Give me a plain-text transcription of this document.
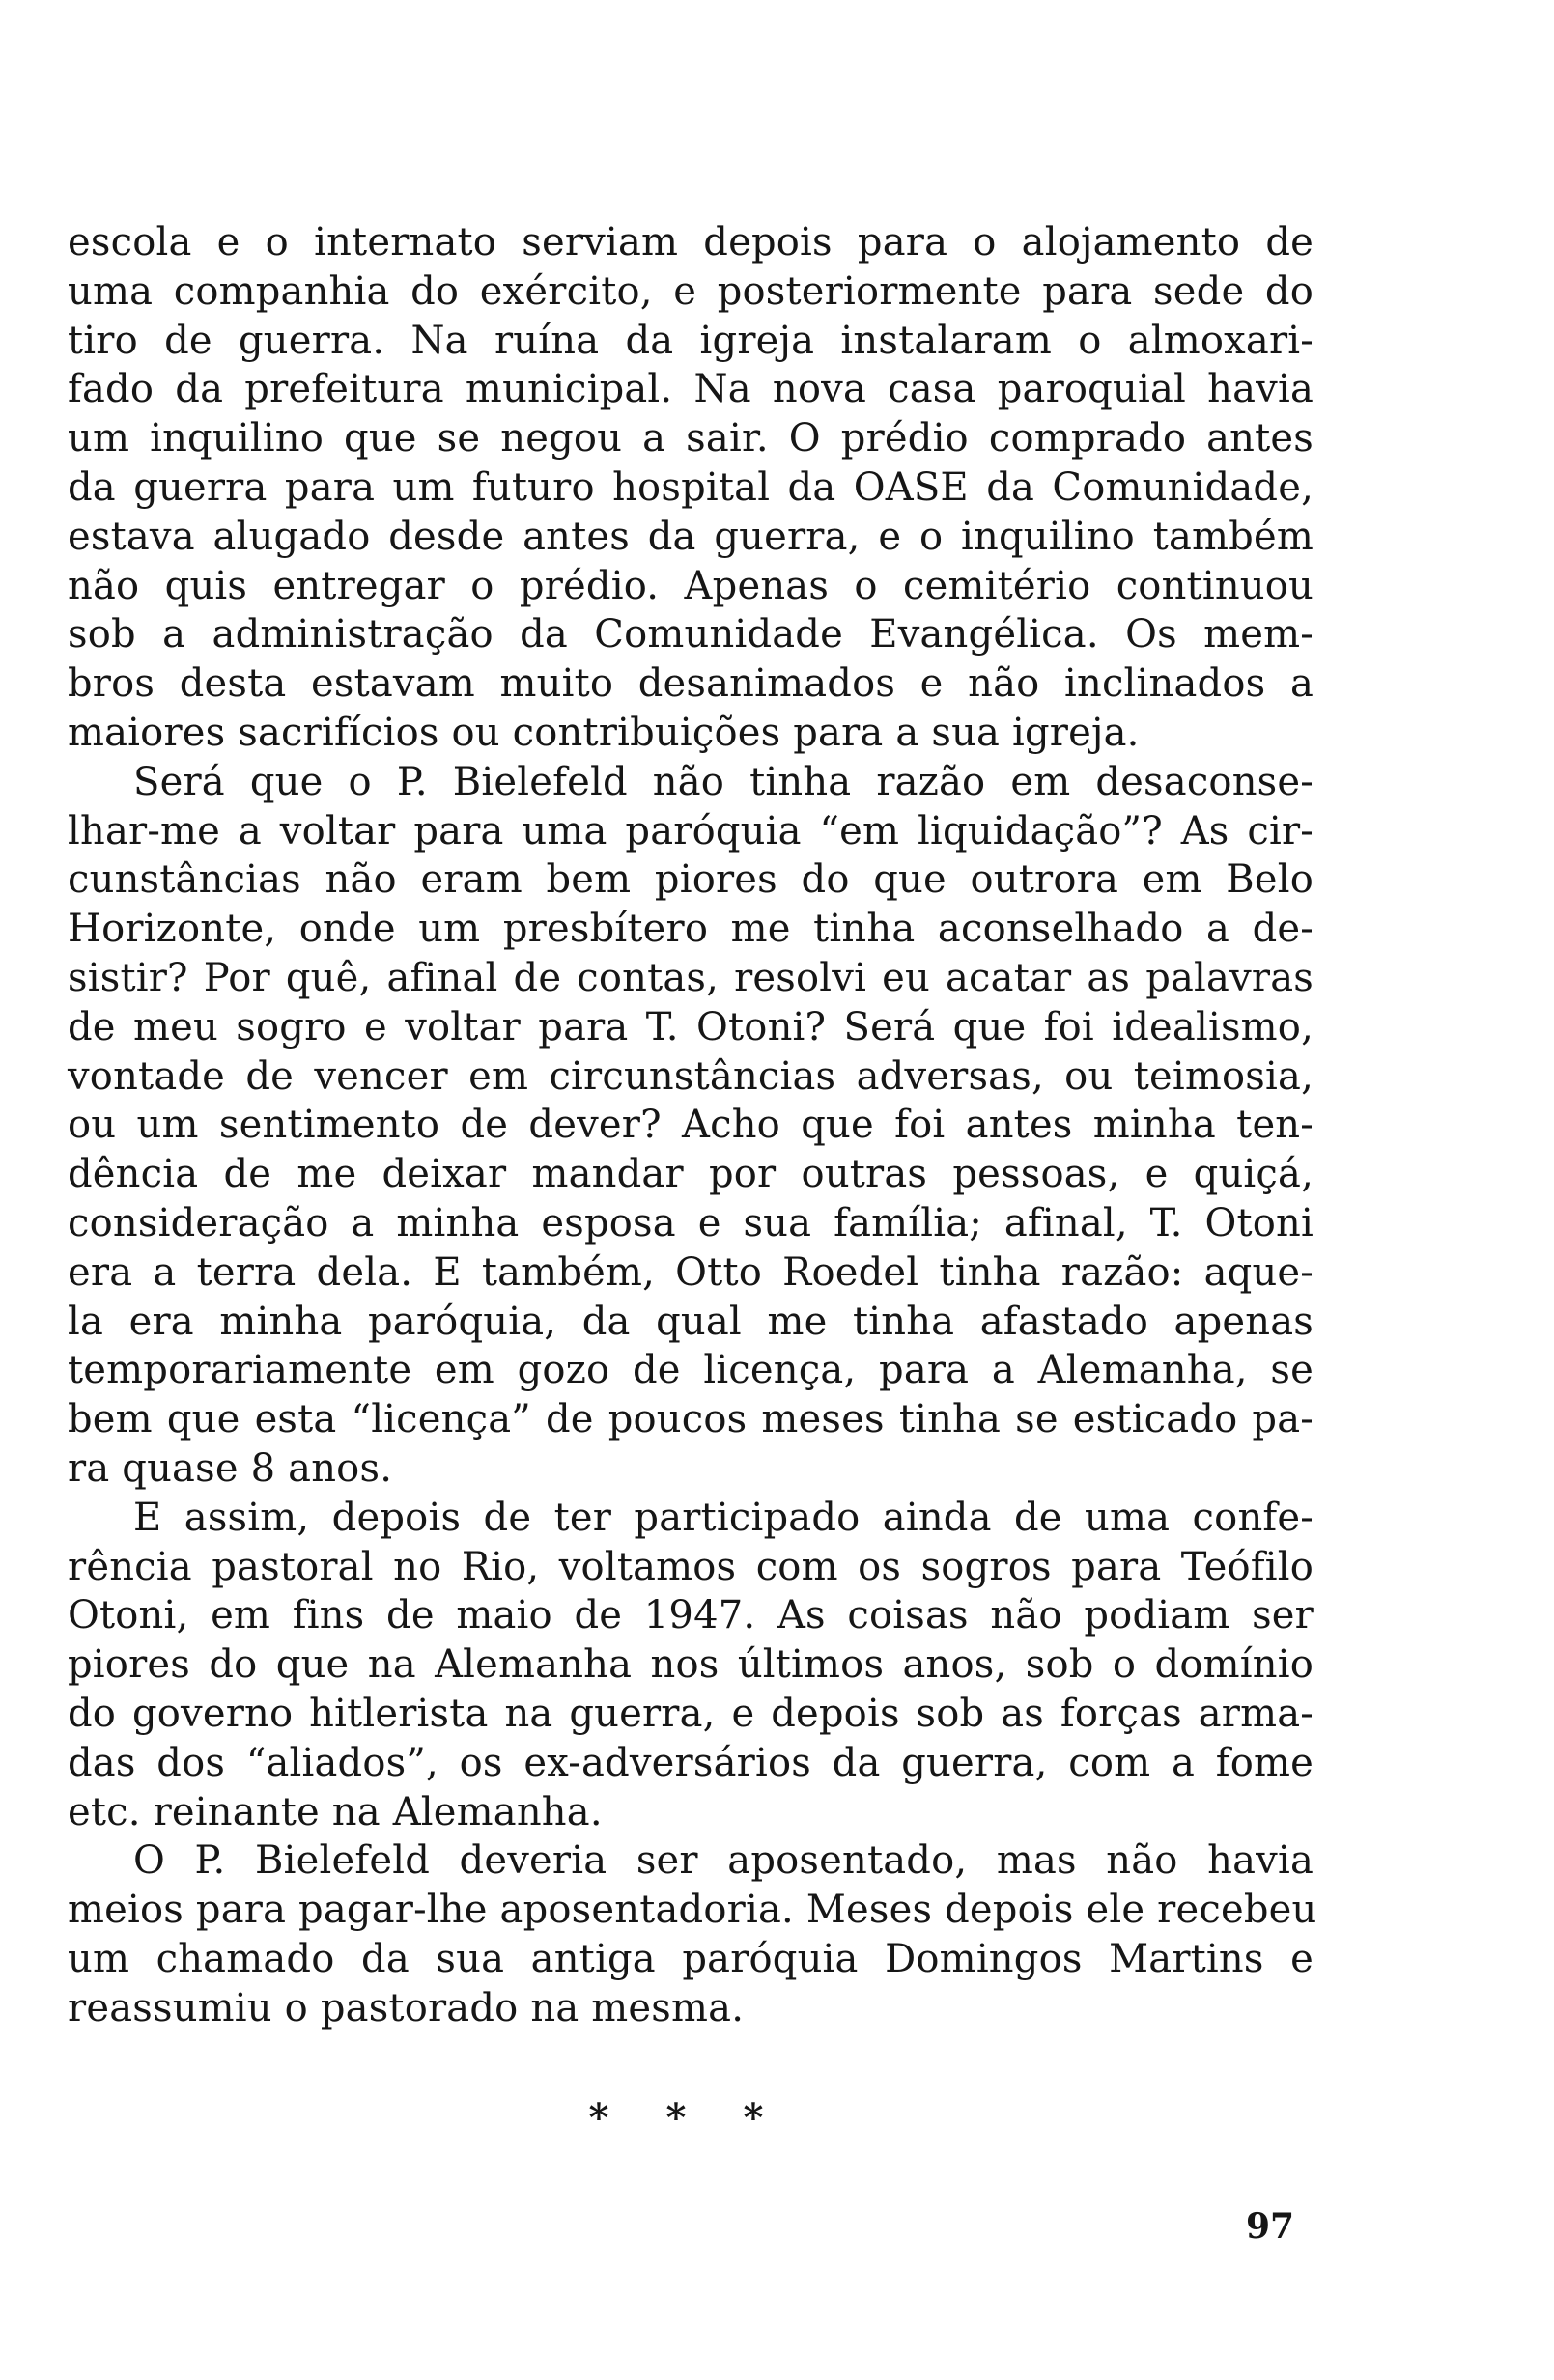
escola e o internato serviam depois para o alojamento de
uma companhia do exército, e posteriormente para sede do
tiro de guerra. Na ruína da igreja instalaram o almoxari-
fado da prefeitura municipal. Na nova casa paroquial havia
um inquilino que se negou a sair. O prédio comprado antes
da guerra para um futuro hospital da OASE da Comunidade,
estava alugado desde antes da guerra, e o inquilino também
não quis entregar o prédio. Apenas o cemitério continuou
sob a administração da Comunidade Evangélica. Os mem-
bros desta estavam muito desanimados e não inclinados a
maiores sacrifícios ou contribuições para a sua igreja.
Será que o P. Bielefeld não tinha razão em desaconse-
lhar-me a voltar para uma paróquia “em liquidação”? As cir-
cunstâncias não eram bem piores do que outrora em Belo
Horizonte, onde um presbítero me tinha aconselhado a de-
sistir? Por quê, afinal de contas, resolvi eu acatar as palavras
de meu sogro e voltar para T. Otoni? Será que foi idealismo,
vontade de vencer em circunstâncias adversas, ou teimosia,
ou um sentimento de dever? Acho que foi antes minha ten-
dência de me deixar mandar por outras pessoas, e quiçá,
consideração a minha esposa e sua família; afinal, T. Otoni
era a terra dela. E também, Otto Roedel tinha razão: aque-
la era minha paróquia, da qual me tinha afastado apenas
temporariamente em gozo de licença, para a Alemanha, se
bem que esta “licença” de poucos meses tinha se esticado pa-
ra quase 8 anos.
E assim, depois de ter participado ainda de uma confe-
rência pastoral no Rio, voltamos com os sogros para Teófilo
Otoni, em fins de maio de 1947. As coisas não podiam ser
piores do que na Alemanha nos últimos anos, sob o domínio
do governo hitlerista na guerra, e depois sob as forças arma-
das dos “aliados”, os ex-adversários da guerra, com a fome
etc. reinante na Alemanha.
O P. Bielefeld deveria ser aposentado, mas não havia
meios para pagar-lhe aposentadoria. Meses depois ele recebeu
um chamado da sua antiga paróquia Domingos Martins e
reassumiu o pastorado na mesma.
* * *
97
